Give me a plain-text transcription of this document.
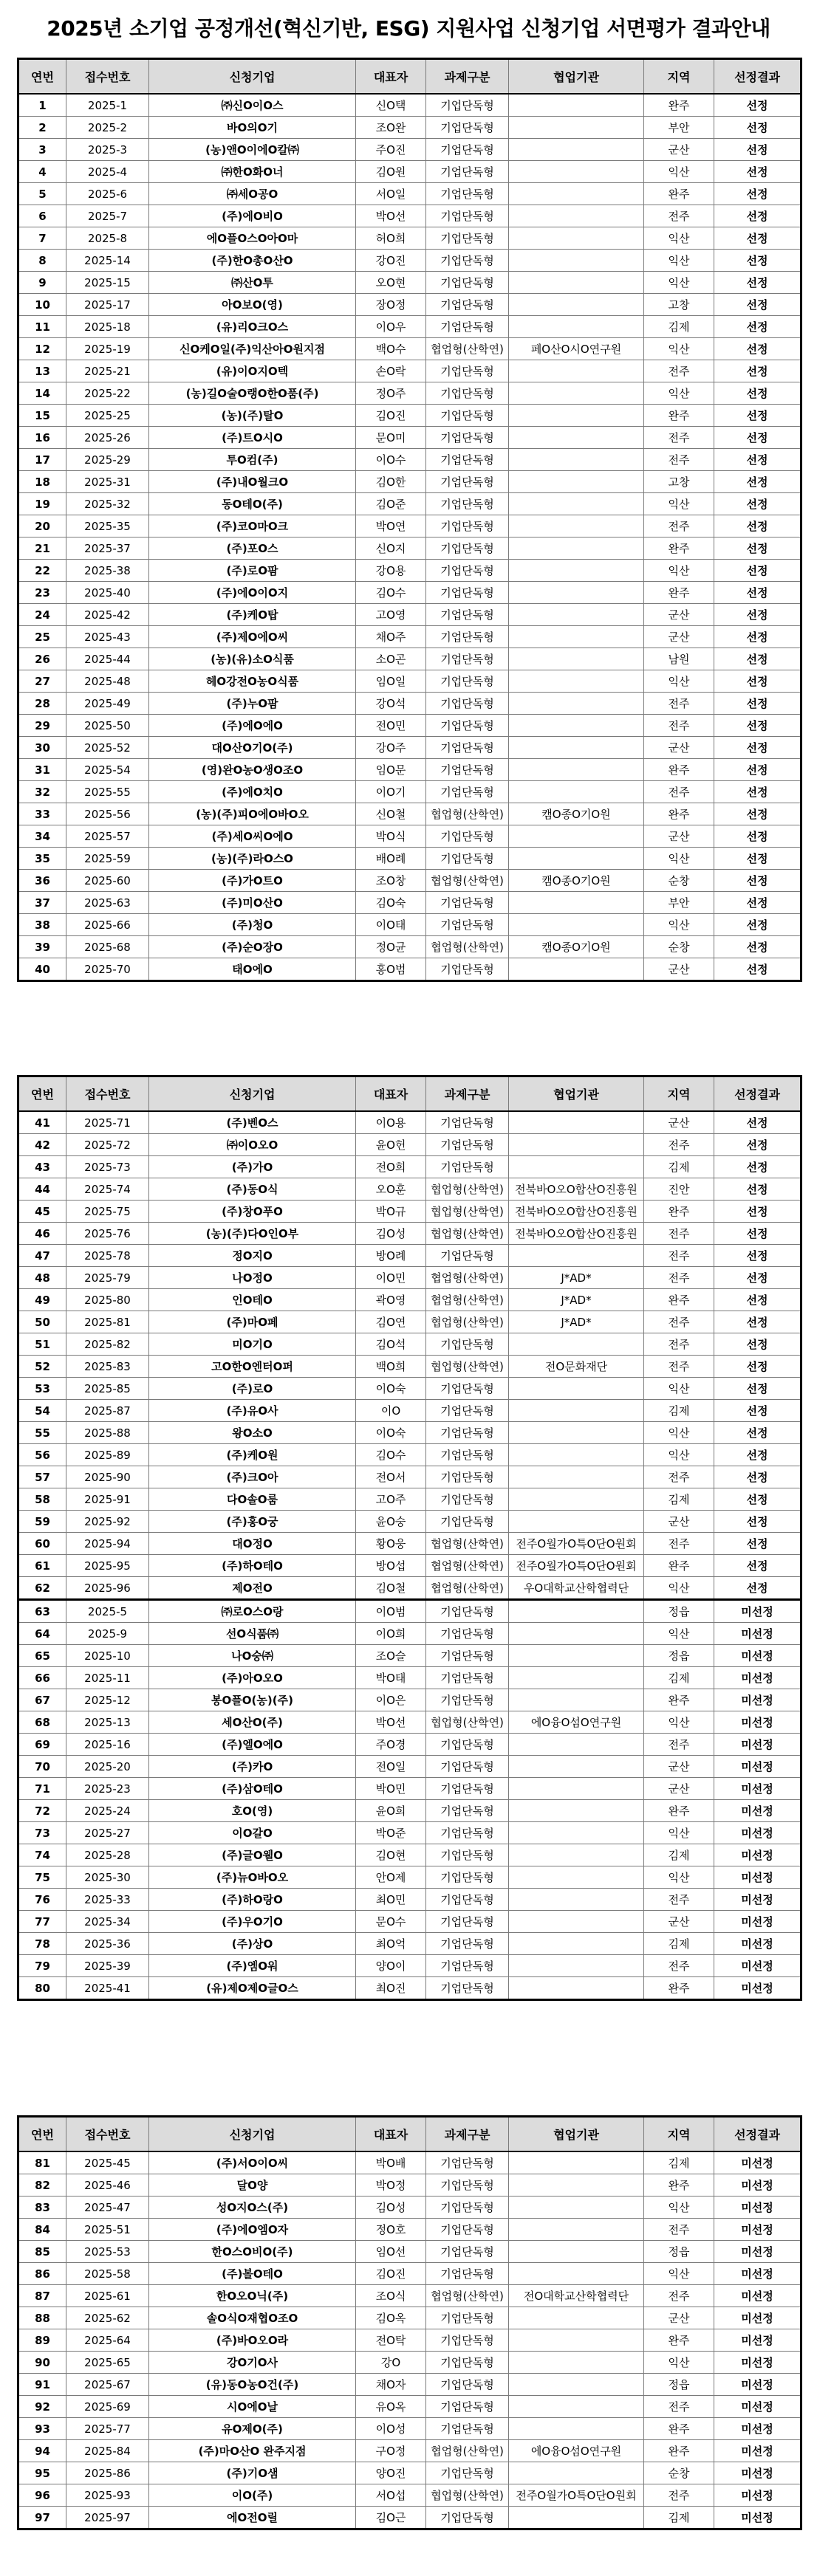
2025년 소기업 공정개선(혁신기반, ESG) 지원사업 신청기업 서면평가 결과안내
연번	접수번호	신청기업	대표자	과제구분	협업기관	지역	선정결과
1	2025-1	㈜신O이O스	신O택	기업단독형		완주	선정
2	2025-2	바O의O기	조O완	기업단독형		부안	선정
3	2025-3	(농)앤O이에O칼㈜	주O진	기업단독형		군산	선정
4	2025-4	㈜한O화O너	김O원	기업단독형		익산	선정
5	2025-6	㈜세O공O	서O일	기업단독형		완주	선정
6	2025-7	(주)에O비O	박O선	기업단독형		전주	선정
7	2025-8	에O플O스O아O마	허O희	기업단독형		익산	선정
8	2025-14	(주)한O총O산O	강O진	기업단독형		익산	선정
9	2025-15	㈜산O투	오O현	기업단독형		익산	선정
10	2025-17	아O보O(영)	장O정	기업단독형		고창	선정
11	2025-18	(유)리O크O스	이O우	기업단독형		김제	선정
12	2025-19	신O케O일(주)익산아O원지점	백O수	협업형(산학연)	페O산O시O연구원	익산	선정
13	2025-21	(유)이O지O텍	손O락	기업단독형		전주	선정
14	2025-22	(농)길O술O랭O한O품(주)	정O주	기업단독형		익산	선정
15	2025-25	(농)(주)탈O	김O진	기업단독형		완주	선정
16	2025-26	(주)트O시O	문O미	기업단독형		전주	선정
17	2025-29	투O컴(주)	이O수	기업단독형		전주	선정
18	2025-31	(주)내O월크O	김O한	기업단독형		고창	선정
19	2025-32	동O테O(주)	김O준	기업단독형		익산	선정
20	2025-35	(주)코O마O크	박O연	기업단독형		전주	선정
21	2025-37	(주)포O스	신O지	기업단독형		완주	선정
22	2025-38	(주)로O팜	강O용	기업단독형		익산	선정
23	2025-40	(주)에O이O지	김O수	기업단독형		완주	선정
24	2025-42	(주)케O탑	고O영	기업단독형		군산	선정
25	2025-43	(주)제O에O씨	채O주	기업단독형		군산	선정
26	2025-44	(농)(유)소O식품	소O곤	기업단독형		남원	선정
27	2025-48	헤O강전O농O식품	임O일	기업단독형		익산	선정
28	2025-49	(주)누O팜	강O석	기업단독형		전주	선정
29	2025-50	(주)에O에O	전O민	기업단독형		전주	선정
30	2025-52	대O산O기O(주)	강O주	기업단독형		군산	선정
31	2025-54	(영)완O농O생O조O	임O문	기업단독형		완주	선정
32	2025-55	(주)에O치O	이O기	기업단독형		전주	선정
33	2025-56	(농)(주)피O에O바O오	신O철	협업형(산학연)	캠O종O기O원	완주	선정
34	2025-57	(주)세O씨O에O	박O식	기업단독형		군산	선정
35	2025-59	(농)(주)라O스O	배O례	기업단독형		익산	선정
36	2025-60	(주)가O트O	조O창	협업형(산학연)	캠O종O기O원	순창	선정
37	2025-63	(주)미O산O	김O숙	기업단독형		부안	선정
38	2025-66	(주)청O	이O태	기업단독형		익산	선정
39	2025-68	(주)순O장O	정O균	협업형(산학연)	캠O종O기O원	순창	선정
40	2025-70	태O에O	홍O범	기업단독형		군산	선정
연번	접수번호	신청기업	대표자	과제구분	협업기관	지역	선정결과
41	2025-71	(주)벤O스	이O용	기업단독형		군산	선정
42	2025-72	㈜이O오O	윤O헌	기업단독형		전주	선정
43	2025-73	(주)가O	전O희	기업단독형		김제	선정
44	2025-74	(주)동O식	오O훈	협업형(산학연)	전북바O오O합산O진흥원	진안	선정
45	2025-75	(주)창O푸O	박O규	협업형(산학연)	전북바O오O합산O진흥원	완주	선정
46	2025-76	(농)(주)다O인O부	김O성	협업형(산학연)	전북바O오O합산O진흥원	전주	선정
47	2025-78	정O지O	방O례	기업단독형		전주	선정
48	2025-79	나O정O	이O민	협업형(산학연)	J*AD*	전주	선정
49	2025-80	인O테O	곽O영	협업형(산학연)	J*AD*	완주	선정
50	2025-81	(주)마O페	김O연	협업형(산학연)	J*AD*	전주	선정
51	2025-82	미O기O	김O석	기업단독형		전주	선정
52	2025-83	고O한O엔터O퍼	백O희	협업형(산학연)	전O문화재단	전주	선정
53	2025-85	(주)로O	이O숙	기업단독형		익산	선정
54	2025-87	(주)유O사	이O	기업단독형		김제	선정
55	2025-88	왕O소O	이O숙	기업단독형		익산	선정
56	2025-89	(주)케O원	김O수	기업단독형		익산	선정
57	2025-90	(주)크O아	전O서	기업단독형		전주	선정
58	2025-91	다O솔O룸	고O주	기업단독형		김제	선정
59	2025-92	(주)홍O궁	윤O숭	기업단독형		군산	선정
60	2025-94	대O정O	황O웅	협업형(산학연)	전주O월가O특O단O원회	전주	선정
61	2025-95	(주)하O테O	방O섭	협업형(산학연)	전주O월가O특O단O원회	완주	선정
62	2025-96	제O전O	김O철	협업형(산학연)	우O대학교산학협력단	익산	선정
63	2025-5	㈜로O스O랑	이O범	기업단독형		정읍	미선정
64	2025-9	선O식품㈜	이O희	기업단독형		익산	미선정
65	2025-10	나O숭㈜	조O슬	기업단독형		정읍	미선정
66	2025-11	(주)아O오O	박O태	기업단독형		김제	미선정
67	2025-12	봉O플O(농)(주)	이O은	기업단독형		완주	미선정
68	2025-13	세O산O(주)	박O선	협업형(산학연)	에O융O섬O연구원	익산	미선정
69	2025-16	(주)엘O에O	주O경	기업단독형		전주	미선정
70	2025-20	(주)카O	전O일	기업단독형		군산	미선정
71	2025-23	(주)삼O테O	박O민	기업단독형		군산	미선정
72	2025-24	호O(영)	윤O희	기업단독형		완주	미선정
73	2025-27	이O갈O	박O준	기업단독형		익산	미선정
74	2025-28	(주)글O웰O	김O현	기업단독형		김제	미선정
75	2025-30	(주)뉴O바O오	안O제	기업단독형		익산	미선정
76	2025-33	(주)하O랑O	최O민	기업단독형		전주	미선정
77	2025-34	(주)우O기O	문O수	기업단독형		군산	미선정
78	2025-36	(주)상O	최O억	기업단독형		김제	미선정
79	2025-39	(주)엠O워	양O이	기업단독형		전주	미선정
80	2025-41	(유)제O제O글O스	최O진	기업단독형		완주	미선정
연번	접수번호	신청기업	대표자	과제구분	협업기관	지역	선정결과
81	2025-45	(주)서O이O씨	박O배	기업단독형		김제	미선정
82	2025-46	달O양	박O정	기업단독형		완주	미선정
83	2025-47	성O지O스(주)	김O성	기업단독형		익산	미선정
84	2025-51	(주)에O엠O자	정O호	기업단독형		전주	미선정
85	2025-53	한O스O비O(주)	임O선	기업단독형		정읍	미선정
86	2025-58	(주)볼O테O	김O진	기업단독형		익산	미선정
87	2025-61	한O오O닉(주)	조O식	협업형(산학연)	전O대학교산학협력단	전주	미선정
88	2025-62	솔O식O재협O조O	김O옥	기업단독형		군산	미선정
89	2025-64	(주)바O오O라	전O탁	기업단독형		완주	미선정
90	2025-65	강O기O사	강O	기업단독형		익산	미선정
91	2025-67	(유)동O농O건(주)	채O자	기업단독형		정읍	미선정
92	2025-69	시O에O날	유O옥	기업단독형		전주	미선정
93	2025-77	유O제O(주)	이O성	기업단독형		완주	미선정
94	2025-84	(주)마O산O 완주지점	구O정	협업형(산학연)	에O융O섬O연구원	완주	미선정
95	2025-86	(주)기O샘	양O진	기업단독형		순창	미선정
96	2025-93	이O(주)	서O섭	협업형(산학연)	전주O월가O특O단O원회	전주	미선정
97	2025-97	에O전O릴	김O근	기업단독형		김제	미선정
